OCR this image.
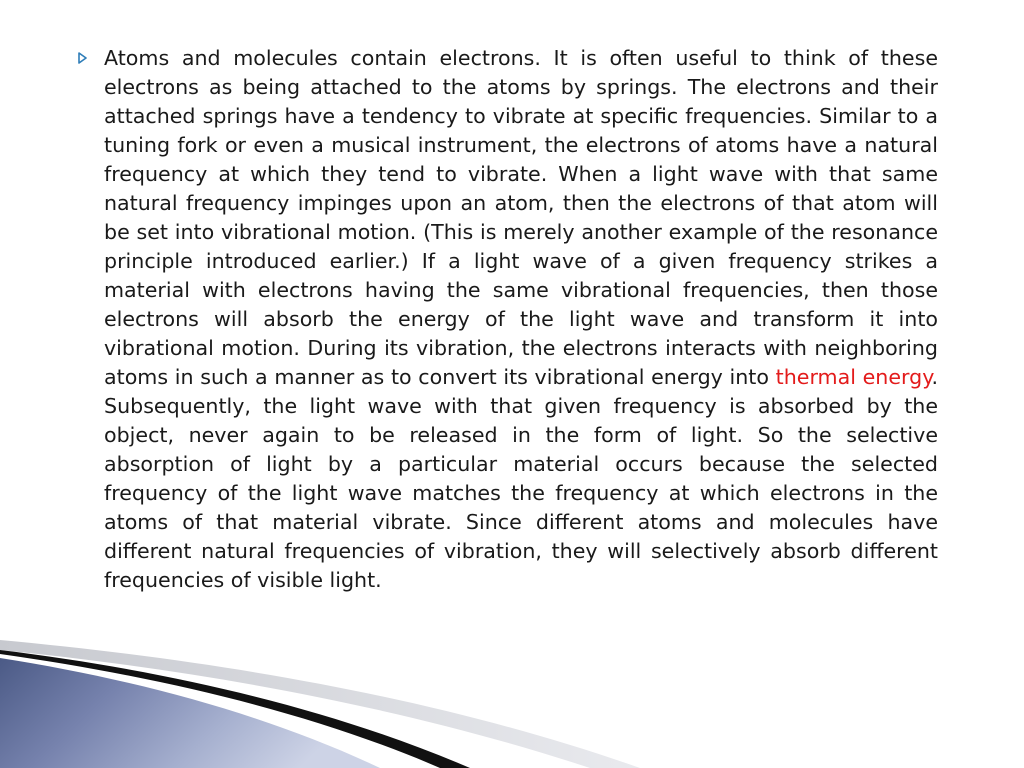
Atoms and molecules contain electrons. It is often useful to think of these electrons as being attached to the atoms by springs. The electrons and their attached springs have a tendency to vibrate at specific frequencies. Similar to a tuning fork or even a musical instrument, the electrons of atoms have a natural frequency at which they tend to vibrate. When a light wave with that same natural frequency impinges upon an atom, then the electrons of that atom will be set into vibrational motion. (This is merely another example of the resonance principle introduced earlier.) If a light wave of a given frequency strikes a material with electrons having the same vibrational frequencies, then those electrons will absorb the energy of the light wave and transform it into vibrational motion. During its vibration, the electrons interacts with neighboring atoms in such a manner as to convert its vibrational energy into thermal energy. Subsequently, the light wave with that given frequency is absorbed by the object, never again to be released in the form of light. So the selective absorption of light by a particular material occurs because the selected frequency of the light wave matches the frequency at which electrons in the atoms of that material vibrate. Since different atoms and molecules have different natural frequencies of vibration, they will selectively absorb different frequencies of visible light.
